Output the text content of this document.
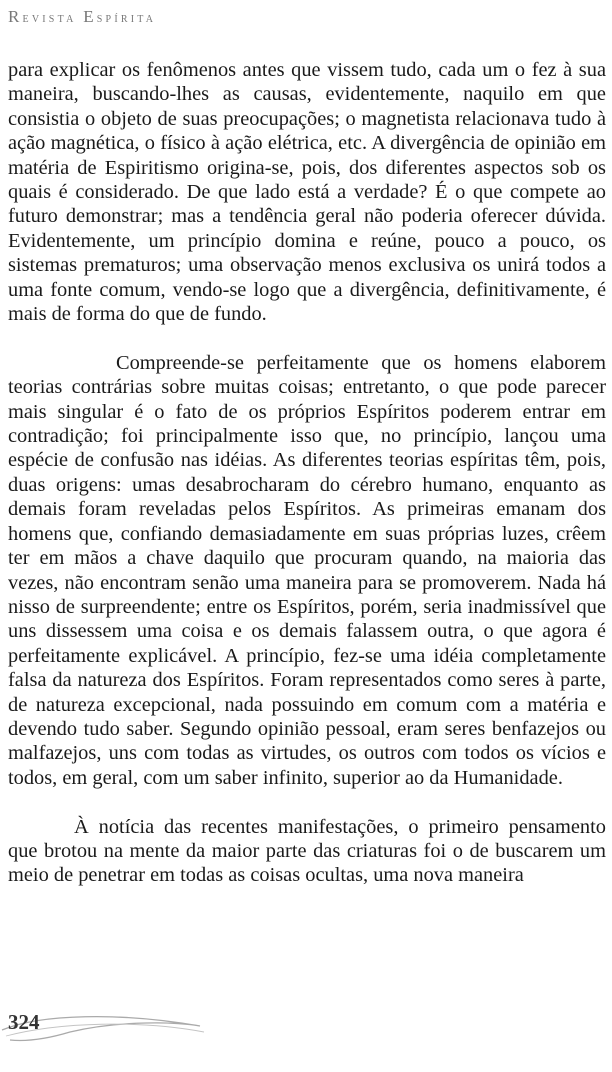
Revista Espírita

para explicar os fenômenos antes que vissem tudo, cada um o fez à sua maneira, buscando-lhes as causas, evidentemente, naquilo em que consistia o objeto de suas preocupações; o magnetista relacionava tudo à ação magnética, o físico à ação elétrica, etc. A divergência de opinião em matéria de Espiritismo origina-se, pois, dos diferentes aspectos sob os quais é considerado. De que lado está a verdade? É o que compete ao futuro demonstrar; mas a tendência geral não poderia oferecer dúvida. Evidentemente, um princípio domina e reúne, pouco a pouco, os sistemas prematuros; uma observação menos exclusiva os unirá todos a uma fonte comum, vendo-se logo que a divergência, definitivamente, é mais de forma do que de fundo.

Compreende-se perfeitamente que os homens elaborem teorias contrárias sobre muitas coisas; entretanto, o que pode parecer mais singular é o fato de os próprios Espíritos poderem entrar em contradição; foi principalmente isso que, no princípio, lançou uma espécie de confusão nas idéias. As diferentes teorias espíritas têm, pois, duas origens: umas desabrocharam do cérebro humano, enquanto as demais foram reveladas pelos Espíritos. As primeiras emanam dos homens que, confiando demasiadamente em suas próprias luzes, crêem ter em mãos a chave daquilo que procuram quando, na maioria das vezes, não encontram senão uma maneira para se promoverem. Nada há nisso de surpreendente; entre os Espíritos, porém, seria inadmissível que uns dissessem uma coisa e os demais falassem outra, o que agora é perfeitamente explicável. A princípio, fez-se uma idéia completamente falsa da natureza dos Espíritos. Foram representados como seres à parte, de natureza excepcional, nada possuindo em comum com a matéria e devendo tudo saber. Segundo opinião pessoal, eram seres benfazejos ou malfazejos, uns com todas as virtudes, os outros com todos os vícios e todos, em geral, com um saber infinito, superior ao da Humanidade.

À notícia das recentes manifestações, o primeiro pensamento que brotou na mente da maior parte das criaturas foi o de buscarem um meio de penetrar em todas as coisas ocultas, uma nova maneira

324
